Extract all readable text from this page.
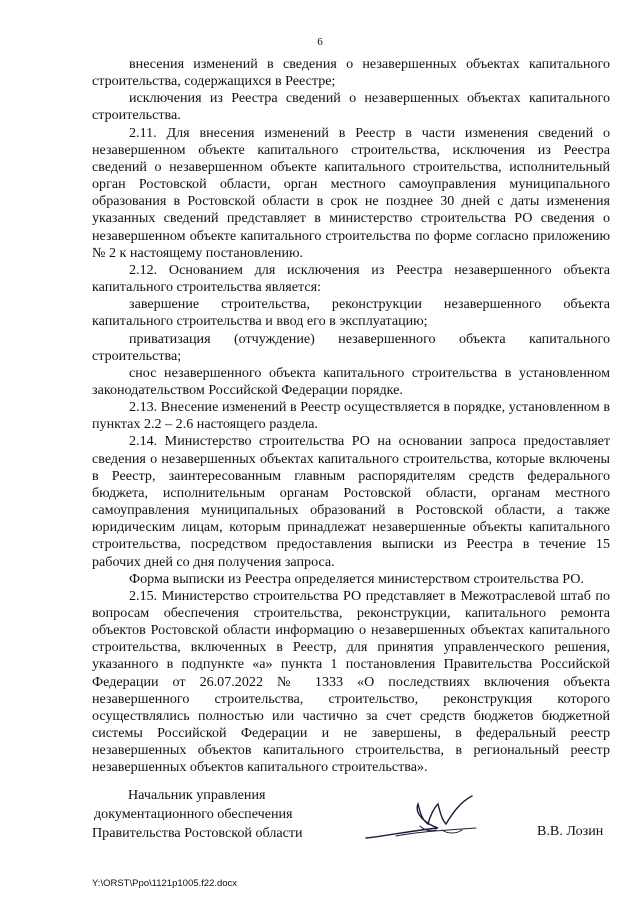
6

внесения изменений в сведения о незавершенных объектах капитального строительства, содержащихся в Реестре;

исключения из Реестра сведений о незавершенных объектах капитального строительства.

2.11. Для внесения изменений в Реестр в части изменения сведений о незавершенном объекте капитального строительства, исключения из Реестра сведений о незавершенном объекте капитального строительства, исполнительный орган Ростовской области, орган местного самоуправления муниципального образования в Ростовской области в срок не позднее 30 дней с даты изменения указанных сведений представляет в министерство строительства РО сведения о незавершенном объекте капитального строительства по форме согласно приложению № 2 к настоящему постановлению.

2.12. Основанием для исключения из Реестра незавершенного объекта капитального строительства является:

завершение строительства, реконструкции незавершенного объекта капитального строительства и ввод его в эксплуатацию;

приватизация (отчуждение) незавершенного объекта капитального строительства;

снос незавершенного объекта капитального строительства в установленном законодательством Российской Федерации порядке.

2.13. Внесение изменений в Реестр осуществляется в порядке, установленном в пунктах 2.2 – 2.6 настоящего раздела.

2.14. Министерство строительства РО на основании запроса предоставляет сведения о незавершенных объектах капитального строительства, которые включены в Реестр, заинтересованным главным распорядителям средств федерального бюджета, исполнительным органам Ростовской области, органам местного самоуправления муниципальных образований в Ростовской области, а также юридическим лицам, которым принадлежат незавершенные объекты капитального строительства, посредством предоставления выписки из Реестра в течение 15 рабочих дней со дня получения запроса.

Форма выписки из Реестра определяется министерством строительства РО.

2.15. Министерство строительства РО представляет в Межотраслевой штаб по вопросам обеспечения строительства, реконструкции, капитального ремонта объектов Ростовской области информацию о незавершенных объектах капитального строительства, включенных в Реестр, для принятия управленческого решения, указанного в подпункте «а» пункта 1 постановления Правительства Российской Федерации от 26.07.2022 № 1333 «О последствиях включения объекта незавершенного строительства, строительство, реконструкция которого осуществлялись полностью или частично за счет средств бюджетов бюджетной системы Российской Федерации и не завершены, в федеральный реестр незавершенных объектов капитального строительства, в региональный реестр незавершенных объектов капитального строительства».

Начальник управления
документационного обеспечения
Правительства Ростовской области	В.В. Лозин
Y:\ORST\Ppo\1121p1005.f22.docx
